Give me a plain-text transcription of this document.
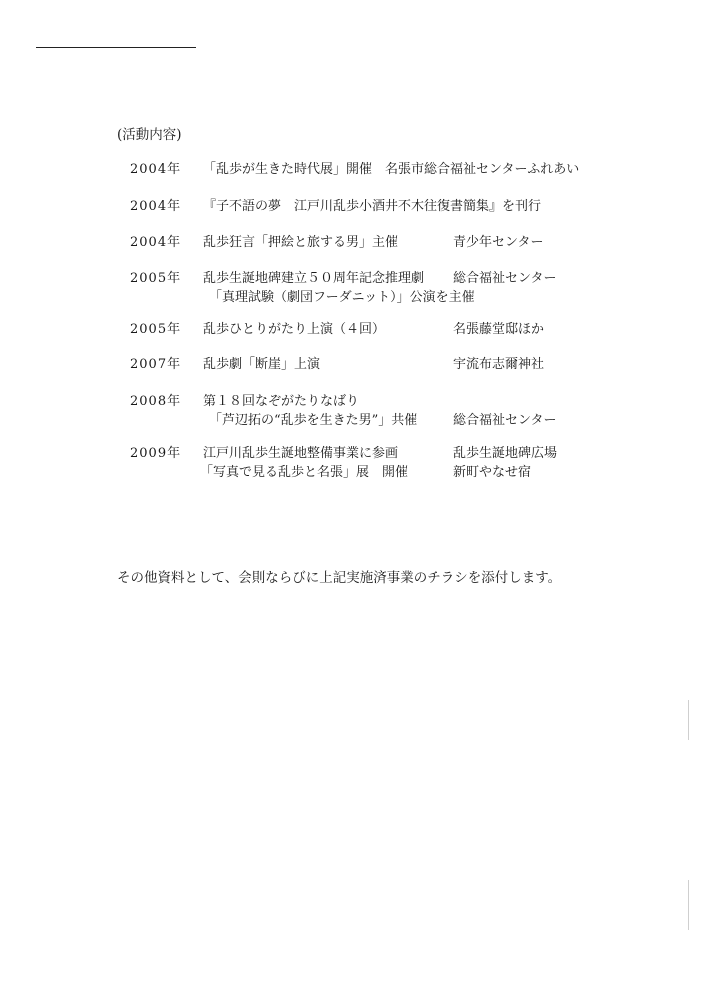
(活動内容)
2004年 「乱歩が生きた時代展」開催　名張市総合福祉センターふれあい
2004年 『子不語の夢　江戸川乱歩小酒井不木往復書簡集』を刊行
2004年 乱歩狂言「押絵と旅する男」主催	青少年センター
2005年 乱歩生誕地碑建立５０周年記念推理劇 総合福祉センター
「真理試験（劇団フーダニット）」公演を主催
2005年 乱歩ひとりがたり上演（４回）	名張藤堂邸ほか
2007年 乱歩劇「断崖」上演	宇流布志爾神社
2008年 第１８回なぞがたりなばり
「芦辺拓の“乱歩を生きた男”」共催	総合福祉センター
2009年 江戸川乱歩生誕地整備事業に参画	乱歩生誕地碑広場
「写真で見る乱歩と名張」展　開催	新町やなせ宿
その他資料として、会則ならびに上記実施済事業のチラシを添付します。
